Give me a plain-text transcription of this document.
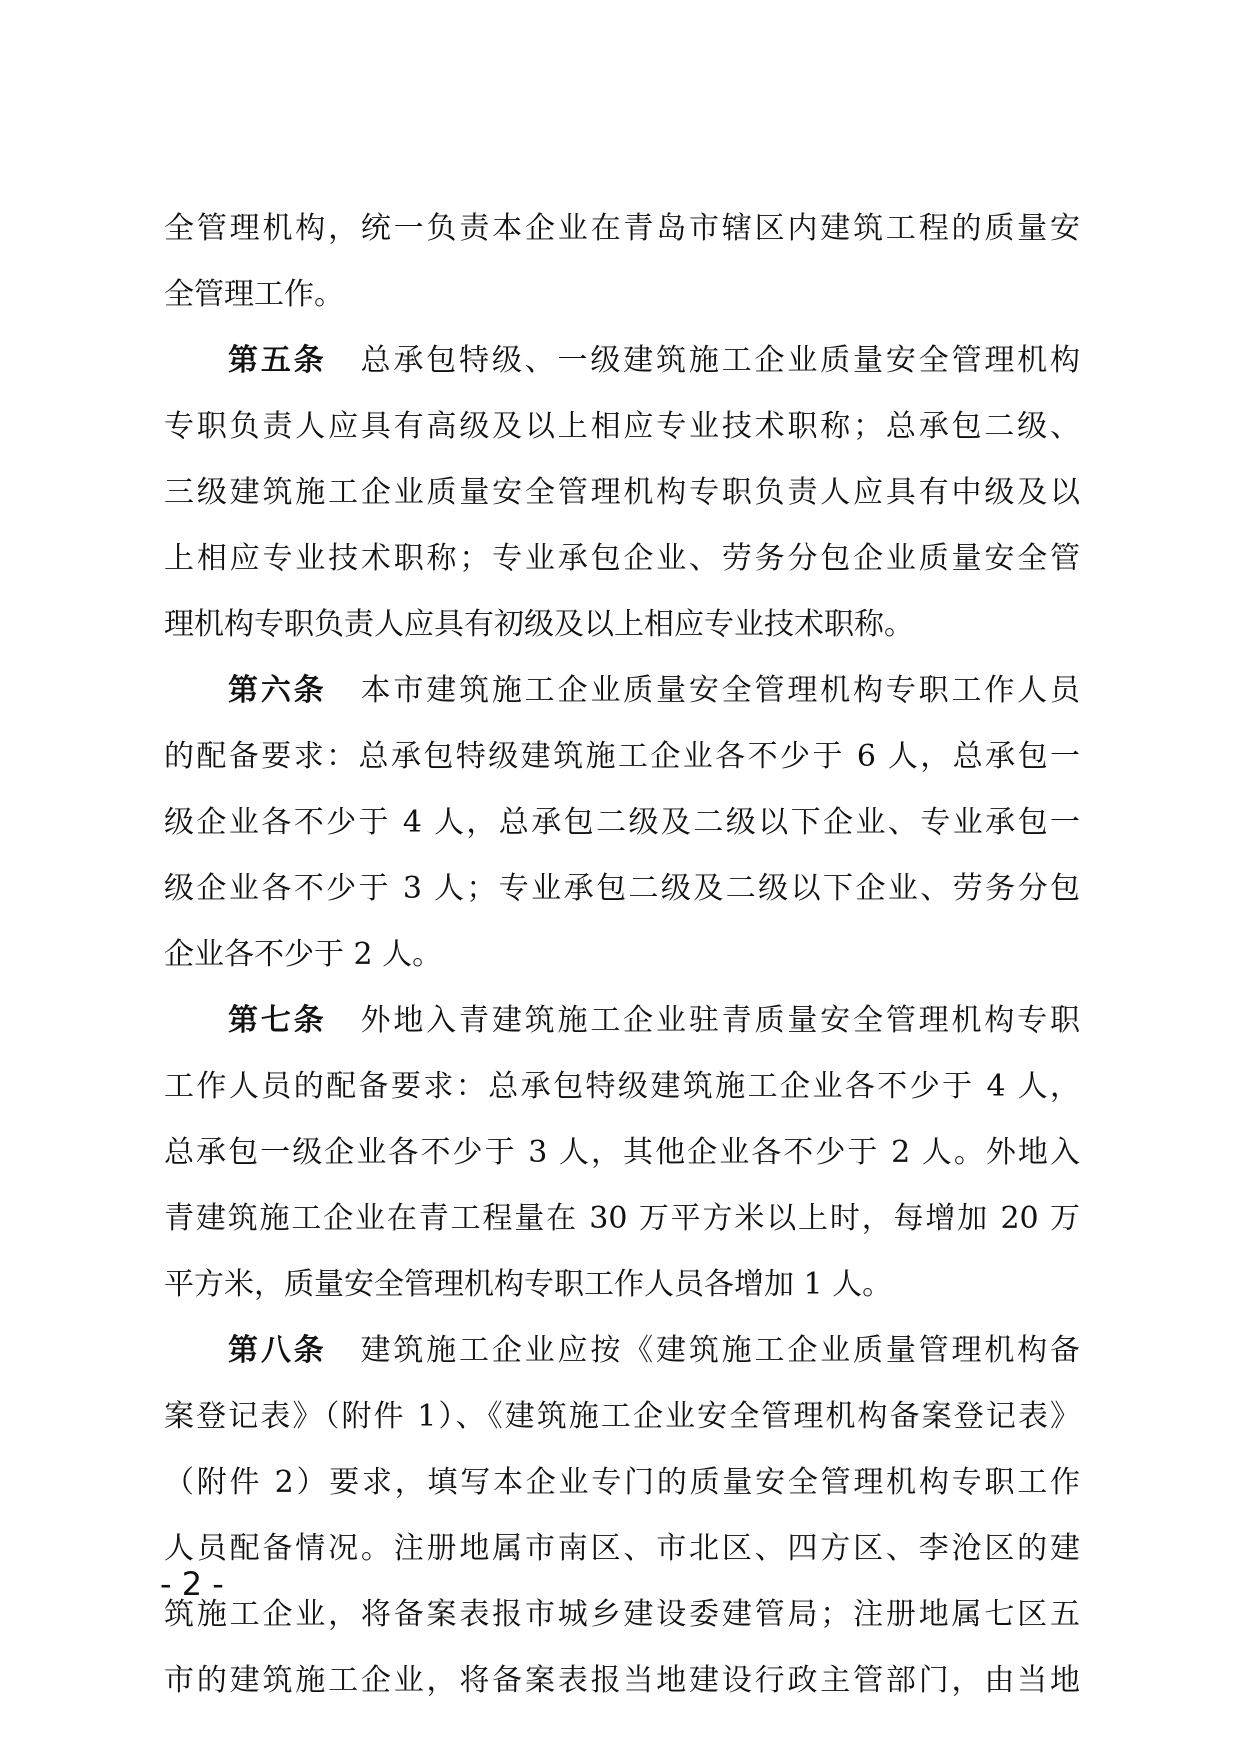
全管理机构，统一负责本企业在青岛市辖区内建筑工程的质量安
全管理工作。
第五条 总承包特级、一级建筑施工企业质量安全管理机构
专职负责人应具有高级及以上相应专业技术职称；总承包二级、
三级建筑施工企业质量安全管理机构专职负责人应具有中级及以
上相应专业技术职称；专业承包企业、劳务分包企业质量安全管
理机构专职负责人应具有初级及以上相应专业技术职称。
第六条 本市建筑施工企业质量安全管理机构专职工作人员
的配备要求：总承包特级建筑施工企业各不少于 6 人，总承包一
级企业各不少于 4 人，总承包二级及二级以下企业、专业承包一
级企业各不少于 3 人；专业承包二级及二级以下企业、劳务分包
企业各不少于 2 人。
第七条 外地入青建筑施工企业驻青质量安全管理机构专职
工作人员的配备要求：总承包特级建筑施工企业各不少于 4 人，
总承包一级企业各不少于 3 人，其他企业各不少于 2 人。外地入
青建筑施工企业在青工程量在 30 万平方米以上时，每增加 20 万
平方米，质量安全管理机构专职工作人员各增加 1 人。
第八条 建筑施工企业应按《建筑施工企业质量管理机构备
案登记表》（附件 1）、《建筑施工企业安全管理机构备案登记表》
（附件 2）要求，填写本企业专门的质量安全管理机构专职工作
人员配备情况。注册地属市南区、市北区、四方区、李沧区的建
筑施工企业，将备案表报市城乡建设委建管局；注册地属七区五
市的建筑施工企业，将备案表报当地建设行政主管部门，由当地
- 2 -
